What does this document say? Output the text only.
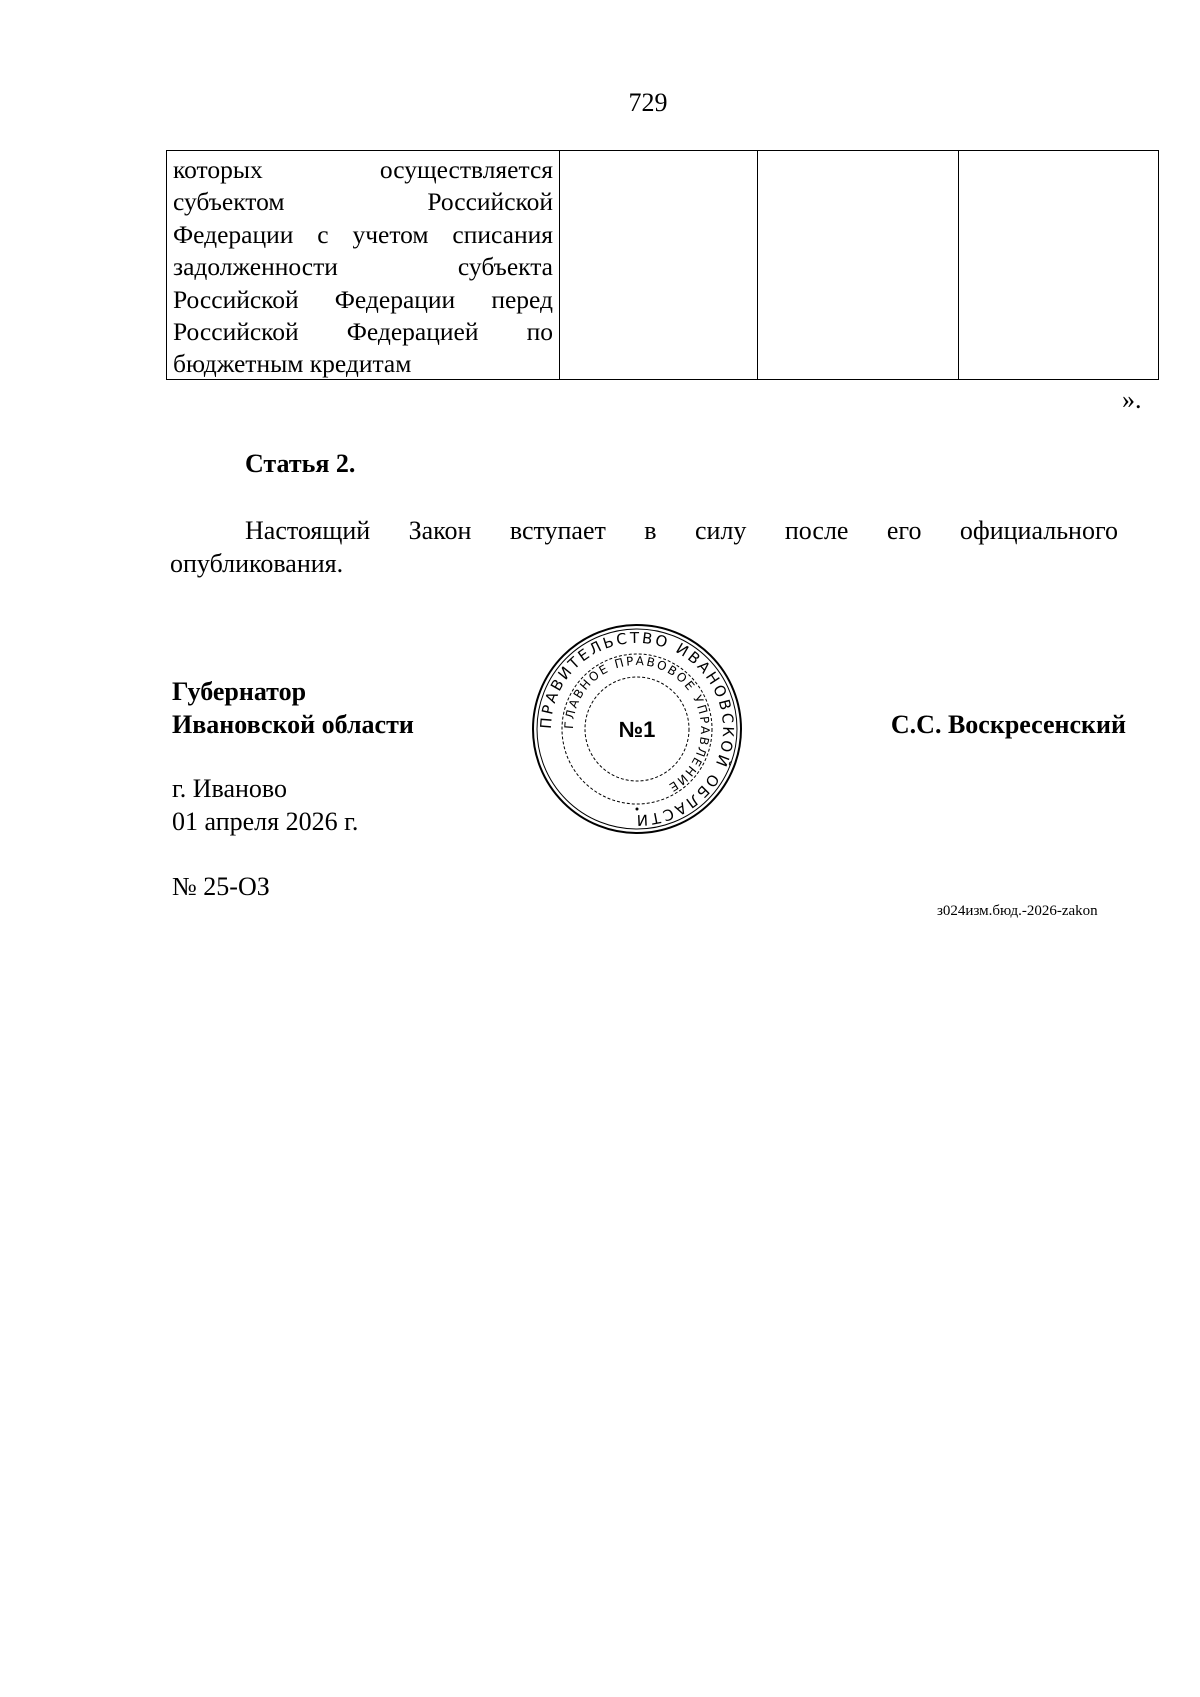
729
которых осуществляется
субъектом Российской
Федерации с учетом списания
задолженности субъекта
Российской Федерации перед
Российской Федерацией по
бюджетным кредитам
».
Статья 2.
Настоящий Закон вступает в силу после его официального
опубликования.
Губернатор
Ивановской области	С.С. Воскресенский
ПРАВИТЕЛЬСТВО ИВАНОВСКОЙ ОБЛАСТИ
ГЛАВНОЕ ПРАВОВОЕ УПРАВЛЕНИЕ
№1
г. Иваново
01 апреля 2026 г.
№ 25-ОЗ
з024изм.бюд.-2026-zakon
